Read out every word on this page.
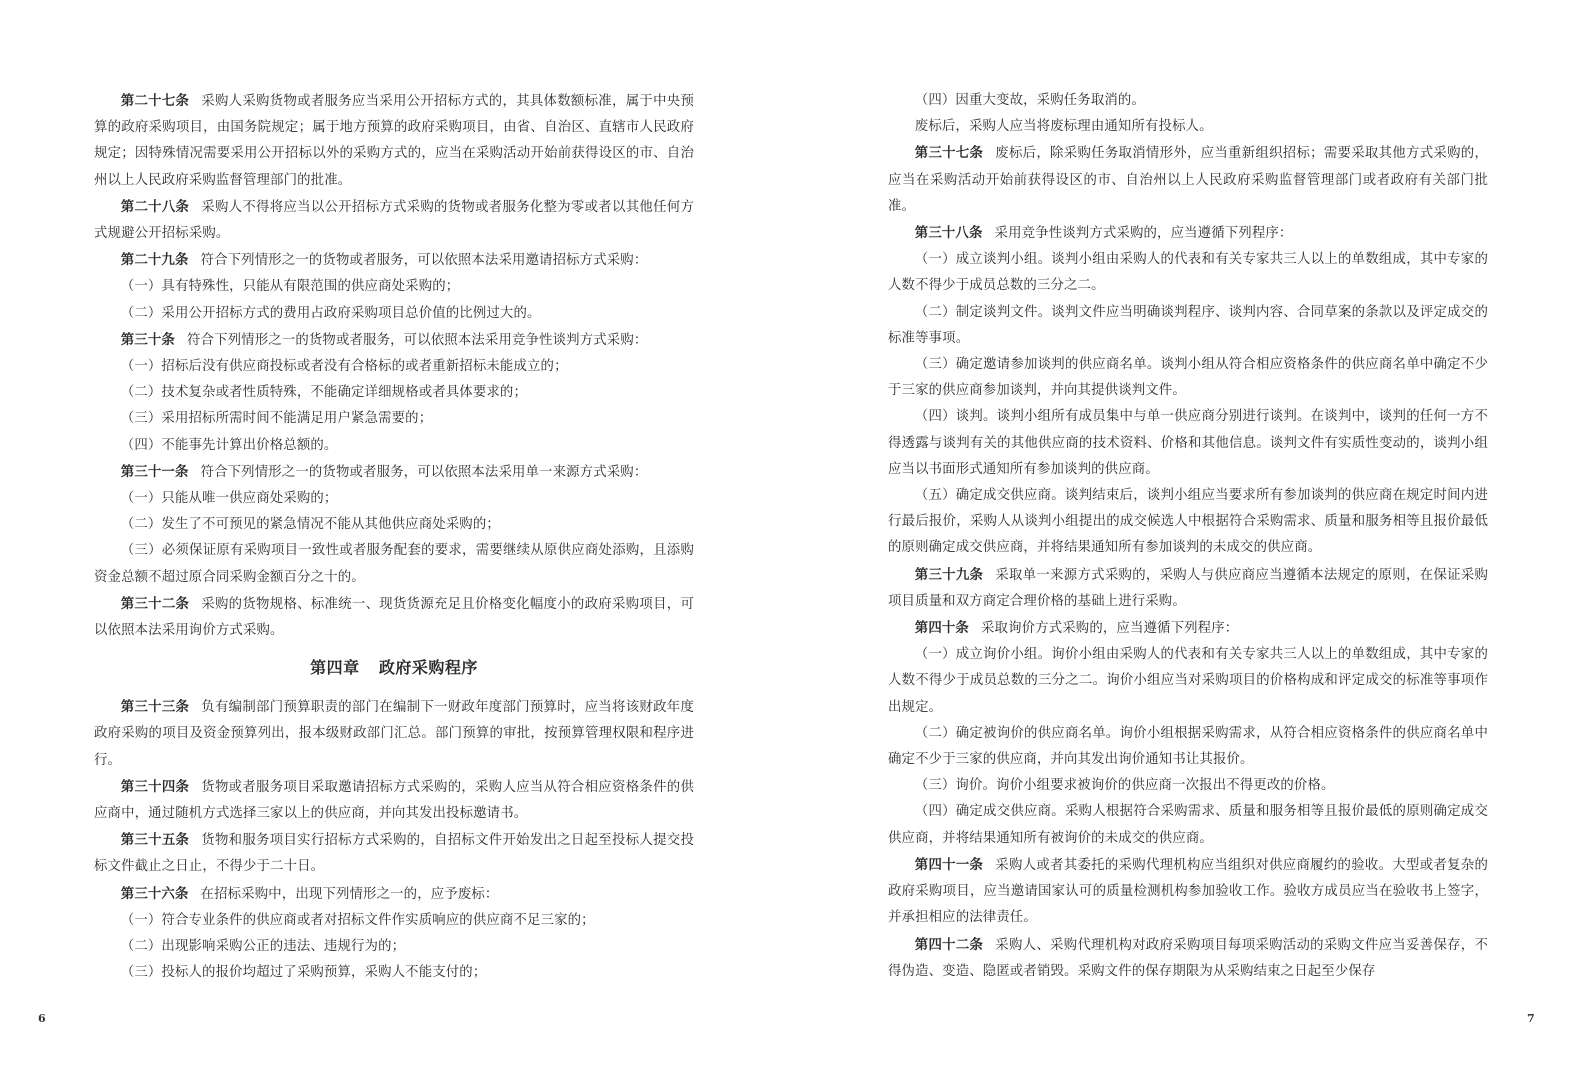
第二十七条 采购人采购货物或者服务应当采用公开招标方式的，其具体数额标准，属于中央预算的政府采购项目，由国务院规定；属于地方预算的政府采购项目，由省、自治区、直辖市人民政府规定；因特殊情况需要采用公开招标以外的采购方式的，应当在采购活动开始前获得设区的市、自治州以上人民政府采购监督管理部门的批准。

第二十八条 采购人不得将应当以公开招标方式采购的货物或者服务化整为零或者以其他任何方式规避公开招标采购。

第二十九条 符合下列情形之一的货物或者服务，可以依照本法采用邀请招标方式采购：

（一）具有特殊性，只能从有限范围的供应商处采购的；

（二）采用公开招标方式的费用占政府采购项目总价值的比例过大的。

第三十条 符合下列情形之一的货物或者服务，可以依照本法采用竞争性谈判方式采购：

（一）招标后没有供应商投标或者没有合格标的或者重新招标未能成立的；

（二）技术复杂或者性质特殊，不能确定详细规格或者具体要求的；

（三）采用招标所需时间不能满足用户紧急需要的；

（四）不能事先计算出价格总额的。

第三十一条 符合下列情形之一的货物或者服务，可以依照本法采用单一来源方式采购：

（一）只能从唯一供应商处采购的；

（二）发生了不可预见的紧急情况不能从其他供应商处采购的；

（三）必须保证原有采购项目一致性或者服务配套的要求，需要继续从原供应商处添购，且添购资金总额不超过原合同采购金额百分之十的。

第三十二条 采购的货物规格、标准统一、现货货源充足且价格变化幅度小的政府采购项目，可以依照本法采用询价方式采购。

第四章 政府采购程序

第三十三条 负有编制部门预算职责的部门在编制下一财政年度部门预算时，应当将该财政年度政府采购的项目及资金预算列出，报本级财政部门汇总。部门预算的审批，按预算管理权限和程序进行。

第三十四条 货物或者服务项目采取邀请招标方式采购的，采购人应当从符合相应资格条件的供应商中，通过随机方式选择三家以上的供应商，并向其发出投标邀请书。

第三十五条 货物和服务项目实行招标方式采购的，自招标文件开始发出之日起至投标人提交投标文件截止之日止，不得少于二十日。

第三十六条 在招标采购中，出现下列情形之一的，应予废标：

（一）符合专业条件的供应商或者对招标文件作实质响应的供应商不足三家的；

（二）出现影响采购公正的违法、违规行为的；

（三）投标人的报价均超过了采购预算，采购人不能支付的；

6

（四）因重大变故，采购任务取消的。

废标后，采购人应当将废标理由通知所有投标人。

第三十七条 废标后，除采购任务取消情形外，应当重新组织招标；需要采取其他方式采购的，应当在采购活动开始前获得设区的市、自治州以上人民政府采购监督管理部门或者政府有关部门批准。

第三十八条 采用竞争性谈判方式采购的，应当遵循下列程序：

（一）成立谈判小组。谈判小组由采购人的代表和有关专家共三人以上的单数组成，其中专家的人数不得少于成员总数的三分之二。

（二）制定谈判文件。谈判文件应当明确谈判程序、谈判内容、合同草案的条款以及评定成交的标准等事项。

（三）确定邀请参加谈判的供应商名单。谈判小组从符合相应资格条件的供应商名单中确定不少于三家的供应商参加谈判，并向其提供谈判文件。

（四）谈判。谈判小组所有成员集中与单一供应商分别进行谈判。在谈判中，谈判的任何一方不得透露与谈判有关的其他供应商的技术资料、价格和其他信息。谈判文件有实质性变动的，谈判小组应当以书面形式通知所有参加谈判的供应商。

（五）确定成交供应商。谈判结束后，谈判小组应当要求所有参加谈判的供应商在规定时间内进行最后报价，采购人从谈判小组提出的成交候选人中根据符合采购需求、质量和服务相等且报价最低的原则确定成交供应商，并将结果通知所有参加谈判的未成交的供应商。

第三十九条 采取单一来源方式采购的，采购人与供应商应当遵循本法规定的原则，在保证采购项目质量和双方商定合理价格的基础上进行采购。

第四十条 采取询价方式采购的，应当遵循下列程序：

（一）成立询价小组。询价小组由采购人的代表和有关专家共三人以上的单数组成，其中专家的人数不得少于成员总数的三分之二。询价小组应当对采购项目的价格构成和评定成交的标准等事项作出规定。

（二）确定被询价的供应商名单。询价小组根据采购需求，从符合相应资格条件的供应商名单中确定不少于三家的供应商，并向其发出询价通知书让其报价。

（三）询价。询价小组要求被询价的供应商一次报出不得更改的价格。

（四）确定成交供应商。采购人根据符合采购需求、质量和服务相等且报价最低的原则确定成交供应商，并将结果通知所有被询价的未成交的供应商。

第四十一条 采购人或者其委托的采购代理机构应当组织对供应商履约的验收。大型或者复杂的政府采购项目，应当邀请国家认可的质量检测机构参加验收工作。验收方成员应当在验收书上签字，并承担相应的法律责任。

第四十二条 采购人、采购代理机构对政府采购项目每项采购活动的采购文件应当妥善保存，不得伪造、变造、隐匿或者销毁。采购文件的保存期限为从采购结束之日起至少保存

7
